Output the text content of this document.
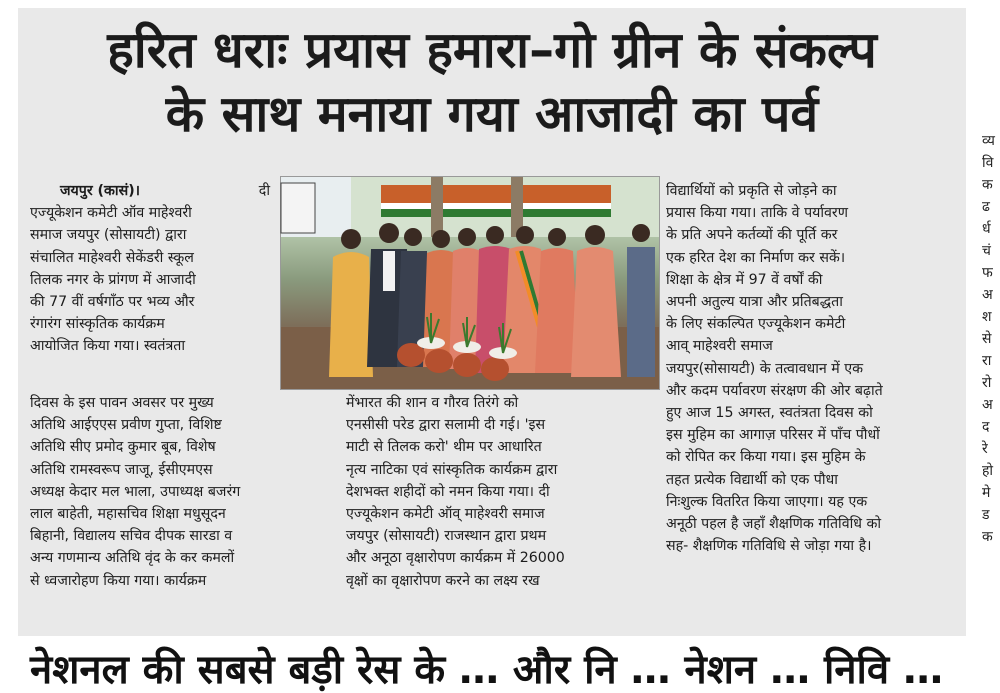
हरित धराः प्रयास हमारा–गो ग्रीन के संकल्प
के साथ मनाया गया आजादी का पर्व
जयपुर (कासं)।	दी
एज्यूकेशन कमेटी ऑव माहेश्वरी
समाज जयपुर (सोसायटी) द्वारा
संचालित माहेश्वरी सेकेंडरी स्कूल
तिलक नगर के प्रांगण में आजादी
की 77 वीं वर्षगाँठ पर भव्य और
रंगारंग सांस्कृतिक कार्यक्रम
आयोजित किया गया। स्वतंत्रता
दिवस के इस पावन अवसर पर मुख्य
अतिथि आईएएस प्रवीण गुप्ता, विशिष्ट
अतिथि सीए प्रमोद कुमार बूब, विशेष
अतिथि रामस्वरूप जाजू, ईसीएमएस
अध्यक्ष केदार मल भाला, उपाध्यक्ष बजरंग
लाल बाहेती, महासचिव शिक्षा मधुसूदन
बिहानी, विद्यालय सचिव दीपक सारडा व
अन्य गणमान्य अतिथि वृंद के कर कमलों
से ध्वजारोहण किया गया। कार्यक्रम
मेंभारत की शान व गौरव तिरंगे को
एनसीसी परेड द्वारा सलामी दी गई। 'इस
माटी से तिलक करो' थीम पर आधारित
नृत्य नाटिका एवं सांस्कृतिक कार्यक्रम द्वारा
देशभक्त शहीदों को नमन किया गया। दी
एज्यूकेशन कमेटी ऑव् माहेश्वरी समाज
जयपुर (सोसायटी) राजस्थान द्वारा प्रथम
और अनूठा वृक्षारोपण कार्यक्रम में 26000
वृक्षों का वृक्षारोपण करने का लक्ष्य रख
विद्यार्थियों को प्रकृति से जोड़ने का
प्रयास किया गया। ताकि वे पर्यावरण
के प्रति अपने कर्तव्यों की पूर्ति कर
एक हरित देश का निर्माण कर सकें।
शिक्षा के क्षेत्र में 97 वें वर्षों की
अपनी अतुल्य यात्रा और प्रतिबद्धता
के लिए संकल्पित एज्यूकेशन कमेटी
आव् माहेश्वरी समाज
जयपुर(सोसायटी) के तत्वावधान में एक
और कदम पर्यावरण संरक्षण की ओर बढ़ाते
हुए आज 15 अगस्त, स्वतंत्रता दिवस को
इस मुहिम का आगाज़ परिसर में पाँच पौधों
को रोपित कर किया गया। इस मुहिम के
तहत प्रत्येक विद्यार्थी को एक पौधा
निःशुल्क वितरित किया जाएगा। यह एक
अनूठी पहल है जहाँ शैक्षणिक गतिविधि को
सह- शैक्षणिक गतिविधि से जोड़ा गया है।
व्य
वि
क
ढ
र्ध
चं
फ
अ
श
से
रा
रो
अ
द
रे
हो
मे
ड
क
नेशनल की सबसे बड़ी रेस के … और नि … नेशन … निवि …
